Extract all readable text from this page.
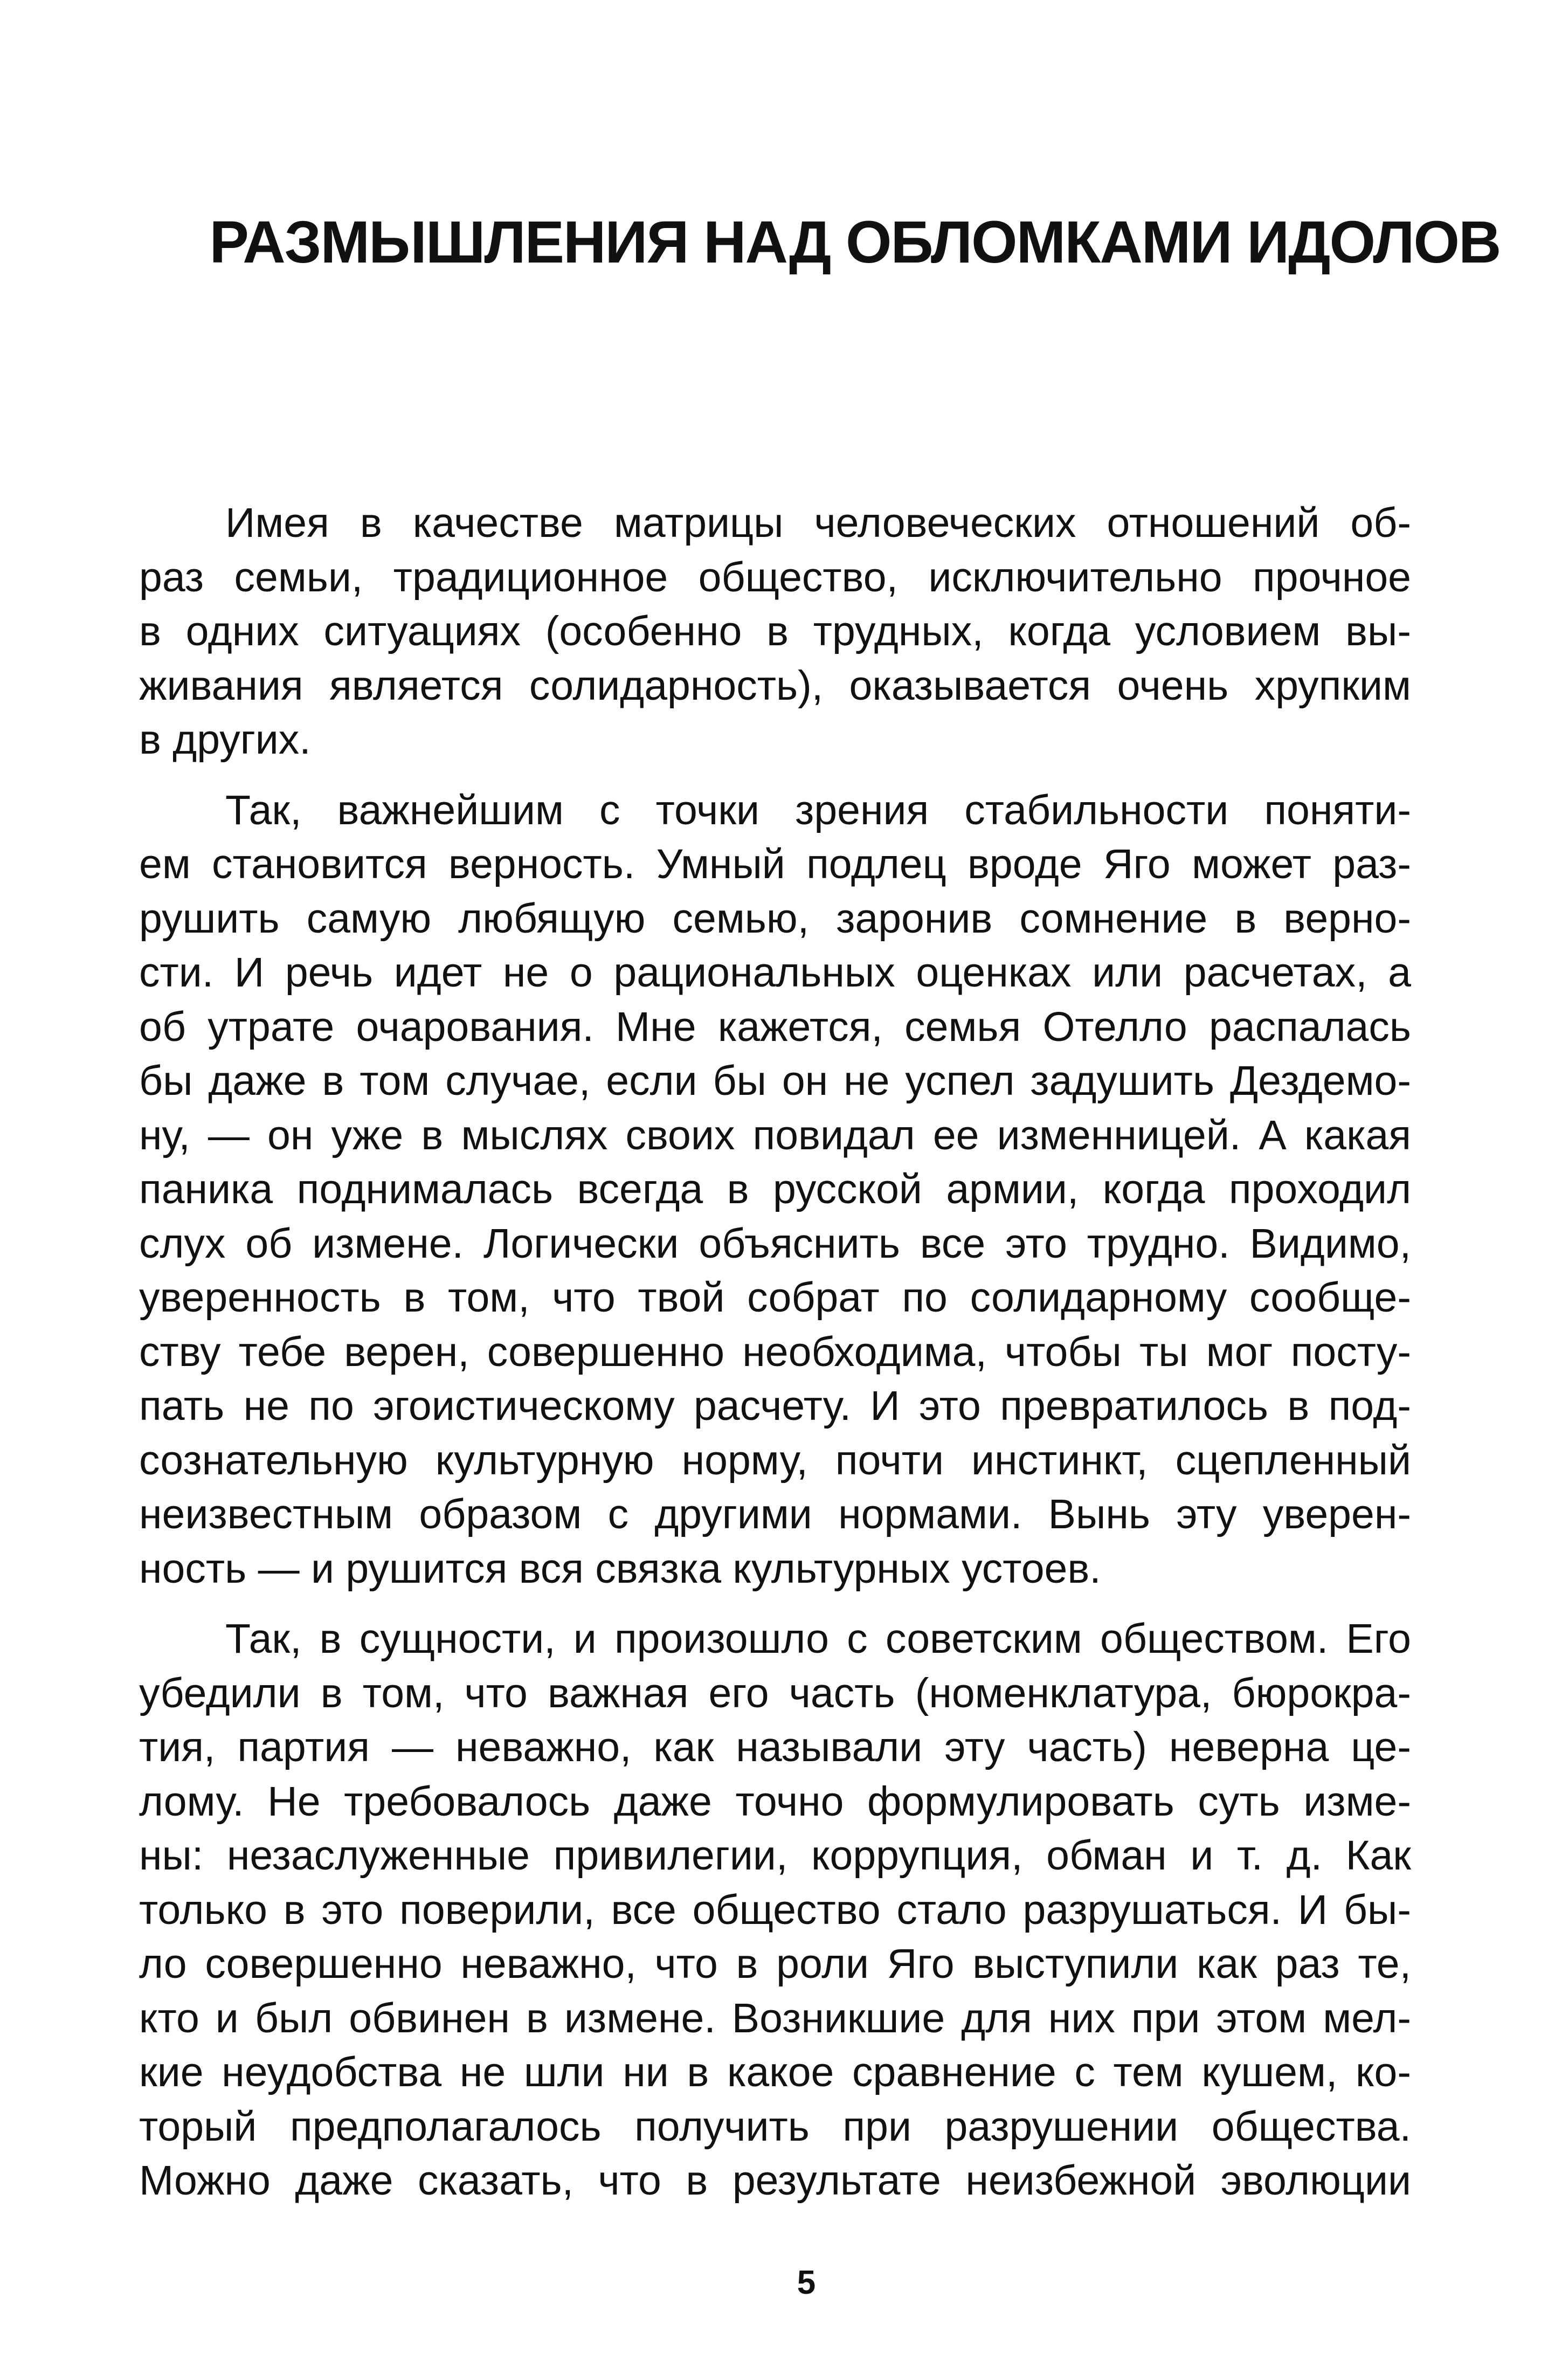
РАЗМЫШЛЕНИЯ НАД ОБЛОМКАМИ ИДОЛОВ

Имея в качестве матрицы человеческих отношений об-
раз семьи, традиционное общество, исключительно прочное
в одних ситуациях (особенно в трудных, когда условием вы-
живания является солидарность), оказывается очень хрупким
в других.

Так, важнейшим с точки зрения стабильности поняти-
ем становится верность. Умный подлец вроде Яго может раз-
рушить самую любящую семью, заронив сомнение в верно-
сти. И речь идет не о рациональных оценках или расчетах, а
об утрате очарования. Мне кажется, семья Отелло распалась
бы даже в том случае, если бы он не успел задушить Дездемо-
ну, — он уже в мыслях своих повидал ее изменницей. А какая
паника поднималась всегда в русской армии, когда проходил
слух об измене. Логически объяснить все это трудно. Видимо,
уверенность в том, что твой собрат по солидарному сообще-
ству тебе верен, совершенно необходима, чтобы ты мог посту-
пать не по эгоистическому расчету. И это превратилось в под-
сознательную культурную норму, почти инстинкт, сцепленный
неизвестным образом с другими нормами. Вынь эту уверен-
ность — и рушится вся связка культурных устоев.

Так, в сущности, и произошло с советским обществом. Его
убедили в том, что важная его часть (номенклатура, бюрокра-
тия, партия — неважно, как называли эту часть) неверна це-
лому. Не требовалось даже точно формулировать суть изме-
ны: незаслуженные привилегии, коррупция, обман и т. д. Как
только в это поверили, все общество стало разрушаться. И бы-
ло совершенно неважно, что в роли Яго выступили как раз те,
кто и был обвинен в измене. Возникшие для них при этом мел-
кие неудобства не шли ни в какое сравнение с тем кушем, ко-
торый предполагалось получить при разрушении общества.
Можно даже сказать, что в результате неизбежной эволюции

5
